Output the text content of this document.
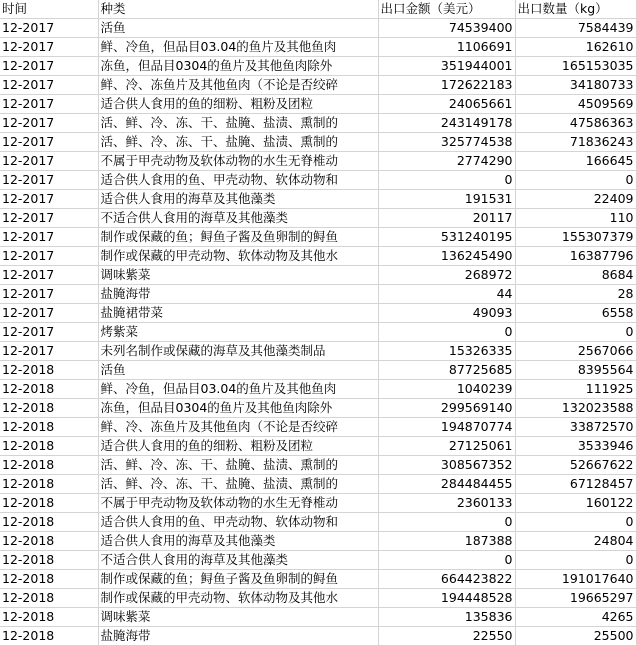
时间	种类	出口金额（美元）	出口数量（kg）
12-2017	活鱼	74539400	7584439
12-2017	鲜、冷鱼，但品目03.04的鱼片及其他鱼肉	1106691	162610
12-2017	冻鱼，但品目0304的鱼片及其他鱼肉除外	351944001	165153035
12-2017	鲜、冷、冻鱼片及其他鱼肉（不论是否绞碎	172622183	34180733
12-2017	适合供人食用的鱼的细粉、粗粉及团粒	24065661	4509569
12-2017	活、鲜、冷、冻、干、盐腌、盐渍、熏制的	243149178	47586363
12-2017	活、鲜、冷、冻、干、盐腌、盐渍、熏制的	325774538	71836243
12-2017	不属于甲壳动物及软体动物的水生无脊椎动	2774290	166645
12-2017	适合供人食用的鱼、甲壳动物、软体动物和	0	0
12-2017	适合供人食用的海草及其他藻类	191531	22409
12-2017	不适合供人食用的海草及其他藻类	20117	110
12-2017	制作或保藏的鱼；鲟鱼子酱及鱼卵制的鲟鱼	531240195	155307379
12-2017	制作或保藏的甲壳动物、软体动物及其他水	136245490	16387796
12-2017	调味紫菜	268972	8684
12-2017	盐腌海带	44	28
12-2017	盐腌裙带菜	49093	6558
12-2017	烤紫菜	0	0
12-2017	未列名制作或保藏的海草及其他藻类制品	15326335	2567066
12-2018	活鱼	87725685	8395564
12-2018	鲜、冷鱼，但品目03.04的鱼片及其他鱼肉	1040239	111925
12-2018	冻鱼，但品目0304的鱼片及其他鱼肉除外	299569140	132023588
12-2018	鲜、冷、冻鱼片及其他鱼肉（不论是否绞碎	194870774	33872570
12-2018	适合供人食用的鱼的细粉、粗粉及团粒	27125061	3533946
12-2018	活、鲜、冷、冻、干、盐腌、盐渍、熏制的	308567352	52667622
12-2018	活、鲜、冷、冻、干、盐腌、盐渍、熏制的	284484455	67128457
12-2018	不属于甲壳动物及软体动物的水生无脊椎动	2360133	160122
12-2018	适合供人食用的鱼、甲壳动物、软体动物和	0	0
12-2018	适合供人食用的海草及其他藻类	187388	24804
12-2018	不适合供人食用的海草及其他藻类	0	0
12-2018	制作或保藏的鱼；鲟鱼子酱及鱼卵制的鲟鱼	664423822	191017640
12-2018	制作或保藏的甲壳动物、软体动物及其他水	194448528	19665297
12-2018	调味紫菜	135836	4265
12-2018	盐腌海带	22550	25500
